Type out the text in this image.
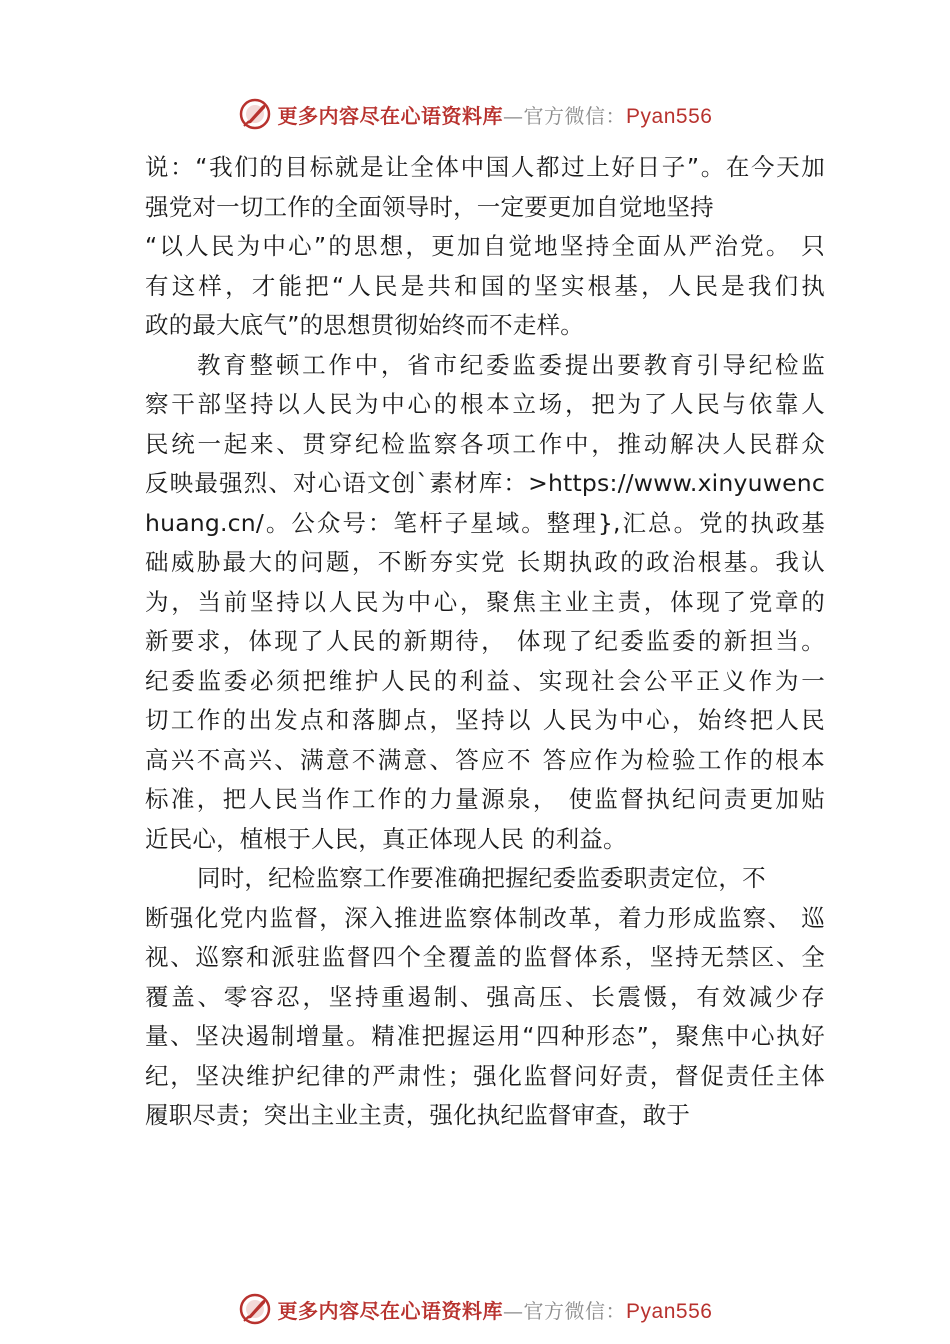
更多内容尽在心语资料库—官方微信：Pyan556
说：“我们的目标就是让全体中国人都过上好日子”。在今天加
强党对一切工作的全面领导时，一定要更加自觉地坚持
“以人民为中心”的思想，更加自觉地坚持全面从严治党。 只
有这样，才能把“人民是共和国的坚实根基，人民是我们执
政的最大底气”的思想贯彻始终而不走样。
教育整顿工作中，省市纪委监委提出要教育引导纪检监
察干部坚持以人民为中心的根本立场，把为了人民与依靠人
民统一起来、贯穿纪检监察各项工作中，推动解决人民群众
反映最强烈、对心语文创`素材库：>https://www.xinyuwenc
huang.cn/。公众号：笔杆子星域。整理},汇总。党的执政基
础威胁最大的问题，不断夯实党 长期执政的政治根基。我认
为，当前坚持以人民为中心，聚焦主业主责，体现了党章的
新要求，体现了人民的新期待， 体现了纪委监委的新担当。
纪委监委必须把维护人民的利益、实现社会公平正义作为一
切工作的出发点和落脚点，坚持以 人民为中心，始终把人民
高兴不高兴、满意不满意、答应不 答应作为检验工作的根本
标准，把人民当作工作的力量源泉， 使监督执纪问责更加贴
近民心，植根于人民，真正体现人民 的利益。
同时，纪检监察工作要准确把握纪委监委职责定位，不
断强化党内监督，深入推进监察体制改革，着力形成监察、 巡
视、巡察和派驻监督四个全覆盖的监督体系，坚持无禁区、全
覆盖、零容忍，坚持重遏制、强高压、长震慑，有效减少存
量、坚决遏制增量。精准把握运用“四种形态”，聚焦中心执好
纪，坚决维护纪律的严肃性；强化监督问好责，督促责任主体
履职尽责；突出主业主责，强化执纪监督审查，敢于
更多内容尽在心语资料库—官方微信：Pyan556
